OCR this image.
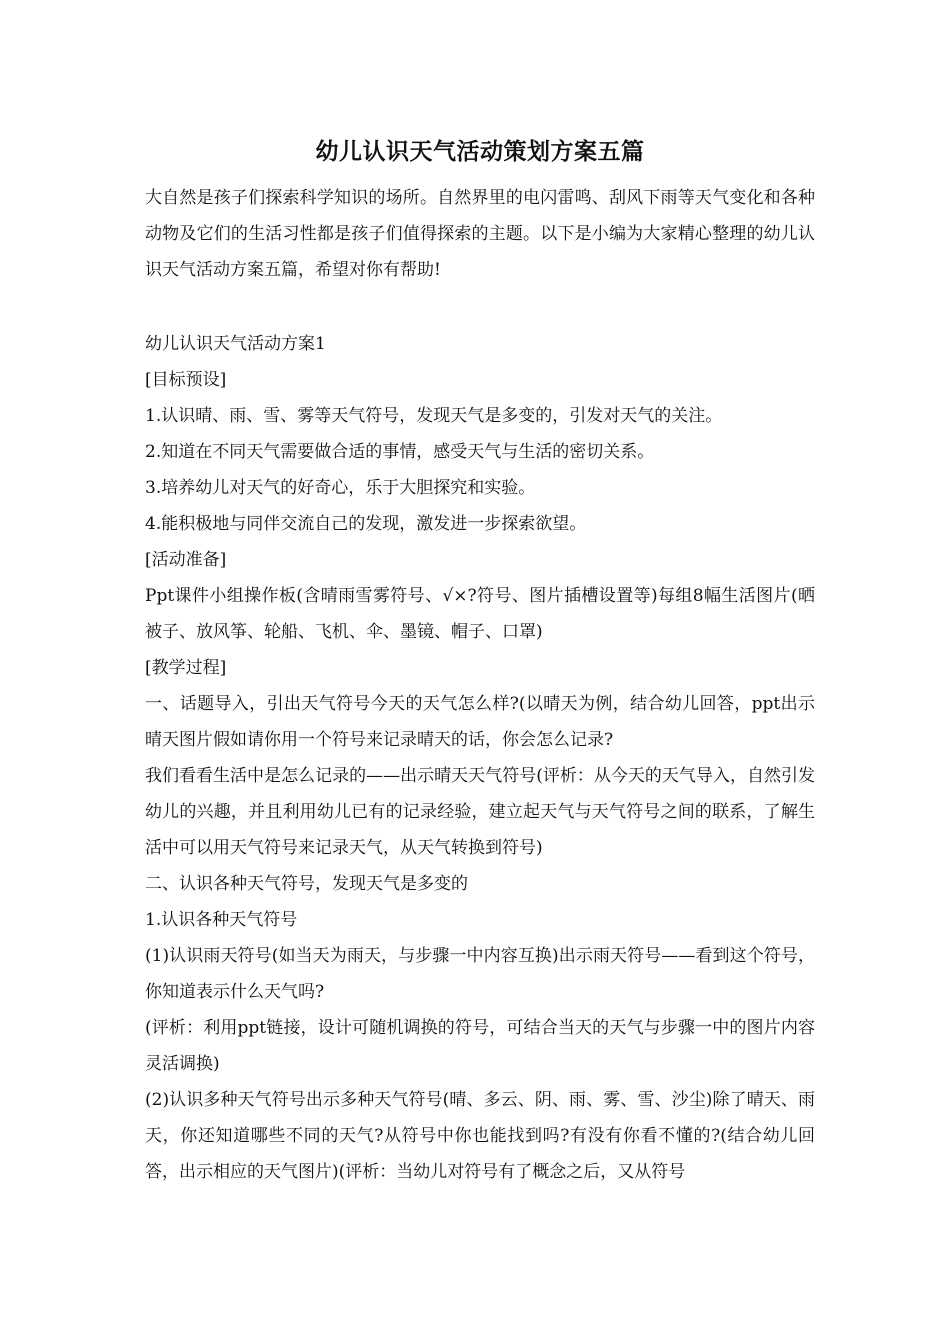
幼儿认识天气活动策划方案五篇

大自然是孩子们探索科学知识的场所。自然界里的电闪雷鸣、刮风下雨等天气变化和各种动物及它们的生活习性都是孩子们值得探索的主题。以下是小编为大家精心整理的幼儿认识天气活动方案五篇，希望对你有帮助!

幼儿认识天气活动方案1

[目标预设]

1.认识晴、雨、雪、雾等天气符号，发现天气是多变的，引发对天气的关注。

2.知道在不同天气需要做合适的事情，感受天气与生活的密切关系。

3.培养幼儿对天气的好奇心，乐于大胆探究和实验。

4.能积极地与同伴交流自己的发现，激发进一步探索欲望。

[活动准备]

Ppt课件小组操作板(含晴雨雪雾符号、√×?符号、图片插槽设置等)每组8幅生活图片(晒被子、放风筝、轮船、飞机、伞、墨镜、帽子、口罩)

[教学过程]

一、话题导入，引出天气符号今天的天气怎么样?(以晴天为例，结合幼儿回答，ppt出示晴天图片假如请你用一个符号来记录晴天的话，你会怎么记录?

我们看看生活中是怎么记录的——出示晴天天气符号(评析：从今天的天气导入，自然引发幼儿的兴趣，并且利用幼儿已有的记录经验，建立起天气与天气符号之间的联系，了解生活中可以用天气符号来记录天气，从天气转换到符号)

二、认识各种天气符号，发现天气是多变的

1.认识各种天气符号

(1)认识雨天符号(如当天为雨天，与步骤一中内容互换)出示雨天符号——看到这个符号，你知道表示什么天气吗?

(评析：利用ppt链接，设计可随机调换的符号，可结合当天的天气与步骤一中的图片内容灵活调换)

(2)认识多种天气符号出示多种天气符号(晴、多云、阴、雨、雾、雪、沙尘)除了晴天、雨天，你还知道哪些不同的天气?从符号中你也能找到吗?有没有你看不懂的?(结合幼儿回答，出示相应的天气图片)(评析：当幼儿对符号有了概念之后，又从符号
